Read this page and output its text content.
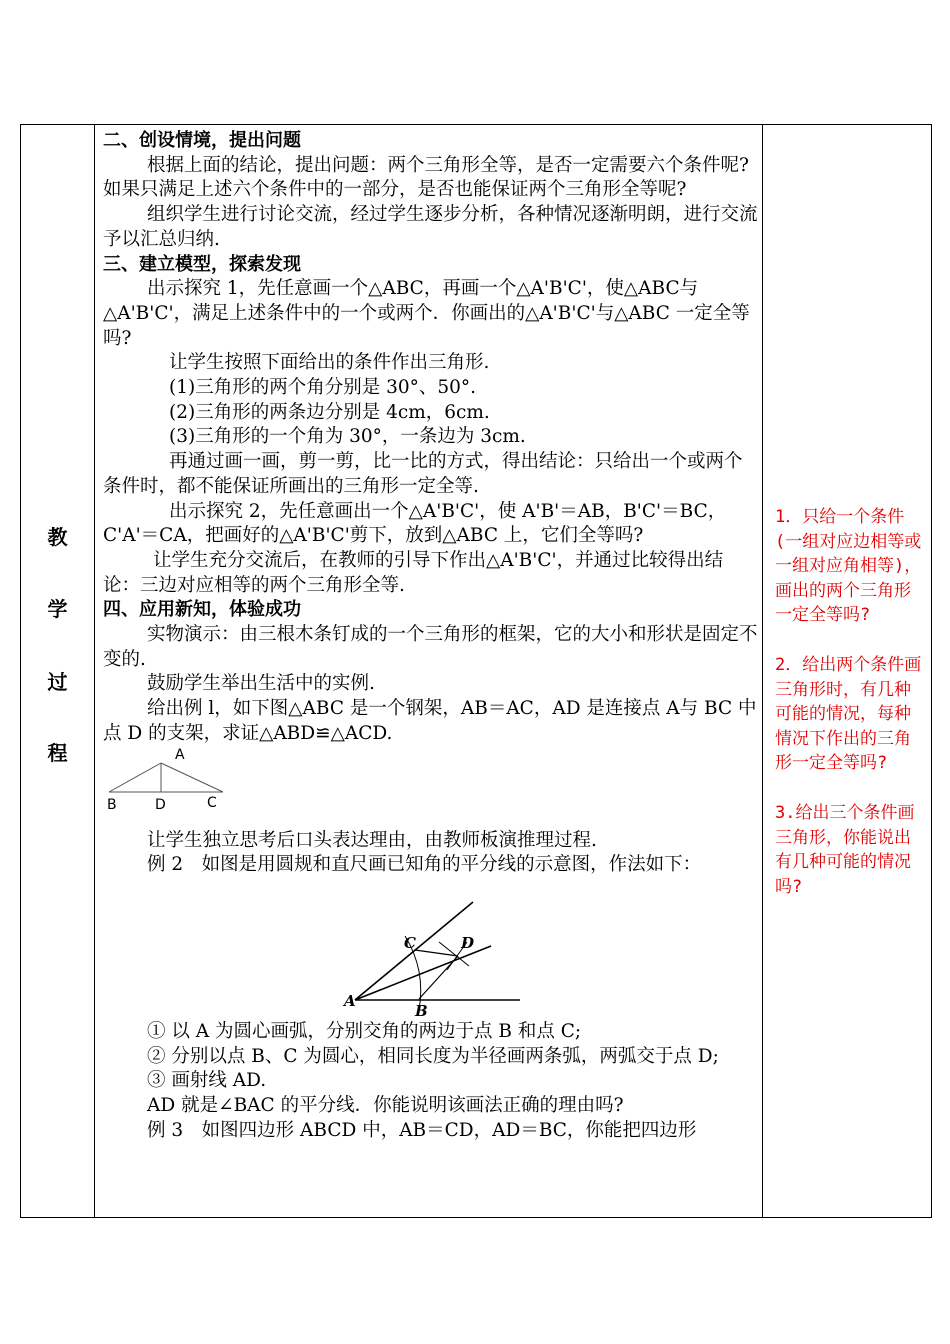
教
学
过
程

二、创设情境，提出问题

根据上面的结论，提出问题：两个三角形全等，是否一定需要六个条件呢?如果只满足上述六个条件中的一部分，是否也能保证两个三角形全等呢?

组织学生进行讨论交流，经过学生逐步分析，各种情况逐渐明朗，进行交流予以汇总归纳.

三、建立模型，探索发现

出示探究 1，先任意画一个△ABC，再画一个△A'B'C'，使△ABC与△A'B'C'，满足上述条件中的一个或两个．你画出的△A'B'C'与△ABC 一定全等吗?

让学生按照下面给出的条件作出三角形.

(1)三角形的两个角分别是 30°、50°.

(2)三角形的两条边分别是 4cm，6cm.

(3)三角形的一个角为 30°，一条边为 3cm.

再通过画一画，剪一剪，比一比的方式，得出结论：只给出一个或两个条件时，都不能保证所画出的三角形一定全等.

出示探究 2，先任意画出一个△A'B'C'，使 A'B'＝AB，B'C'＝BC，C'A'＝CA，把画好的△A'B'C'剪下，放到△ABC 上，它们全等吗?

让学生充分交流后，在教师的引导下作出△A'B'C'，并通过比较得出结论：三边对应相等的两个三角形全等.

四、应用新知，体验成功

实物演示：由三根木条钉成的一个三角形的框架，它的大小和形状是固定不变的.

鼓励学生举出生活中的实例.

给出例 l，如下图△ABC 是一个钢架，AB＝AC，AD 是连接点 A与 BC 中点 D 的支架，求证△ABD≌△ACD.

A
B	D	C

让学生独立思考后口头表达理由，由教师板演推理过程.

例 2　如图是用圆规和直尺画已知角的平分线的示意图，作法如下：

C	D
A
B

① 以 A 为圆心画弧，分别交角的两边于点 B 和点 C;

② 分别以点 B、C 为圆心，相同长度为半径画两条弧，两弧交于点 D;

③ 画射线 AD.

AD 就是∠BAC 的平分线．你能说明该画法正确的理由吗?

例 3　如图四边形 ABCD 中，AB＝CD，AD＝BC，你能把四边形

1．只给一个条件(一组对应边相等或一组对应角相等)，画出的两个三角形一定全等吗?

2．给出两个条件画三角形时，有几种可能的情况，每种情况下作出的三角形一定全等吗?

3.给出三个条件画三角形，你能说出有几种可能的情况吗?
